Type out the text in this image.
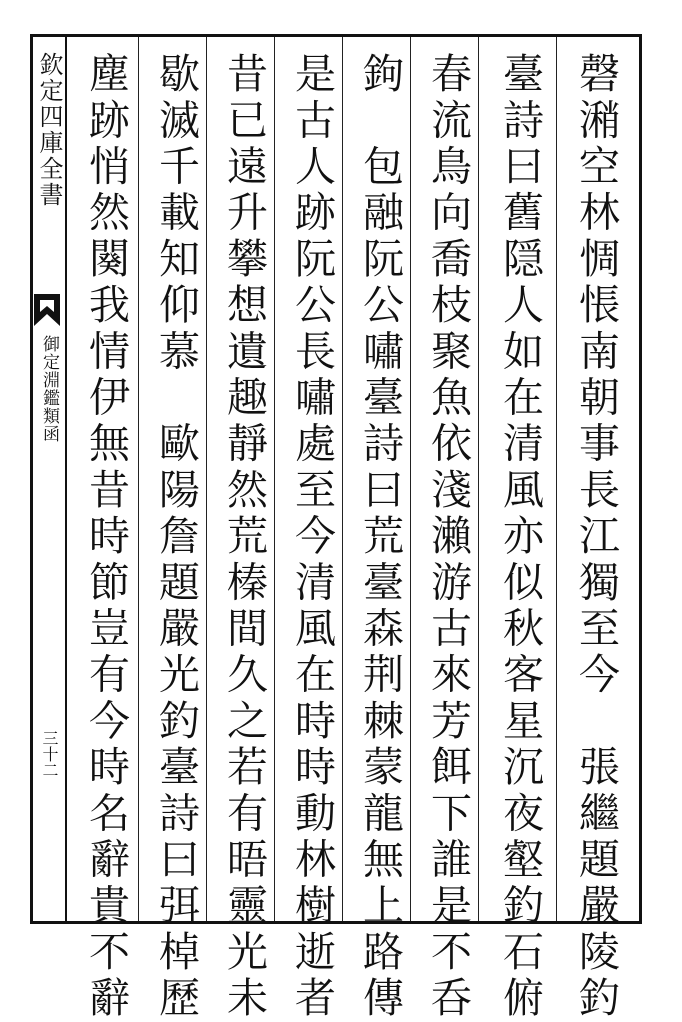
欽定四庫全書
御定淵鑑類函
三十二	磬潲空林惆悵南朝事長江獨至今　張繼題嚴陵釣
臺詩曰舊隠人如在清風亦似秋客星沉夜壑釣石俯
春流鳥向喬枝聚魚依淺瀨游古來芳餌下誰是不呑
鉤　包融阮公嘯臺詩曰荒臺森荆棘蒙龍無上路傳
是古人跡阮公長嘯處至今清風在時時動林樹逝者
昔已遠升攀想遺趣靜然荒榛間久之若有晤靈光未
歇滅千載知仰慕　歐陽詹題嚴光釣臺詩曰弭棹歷
塵跡悄然闋我情伊無昔時節豈有今時名辭貴不辭
